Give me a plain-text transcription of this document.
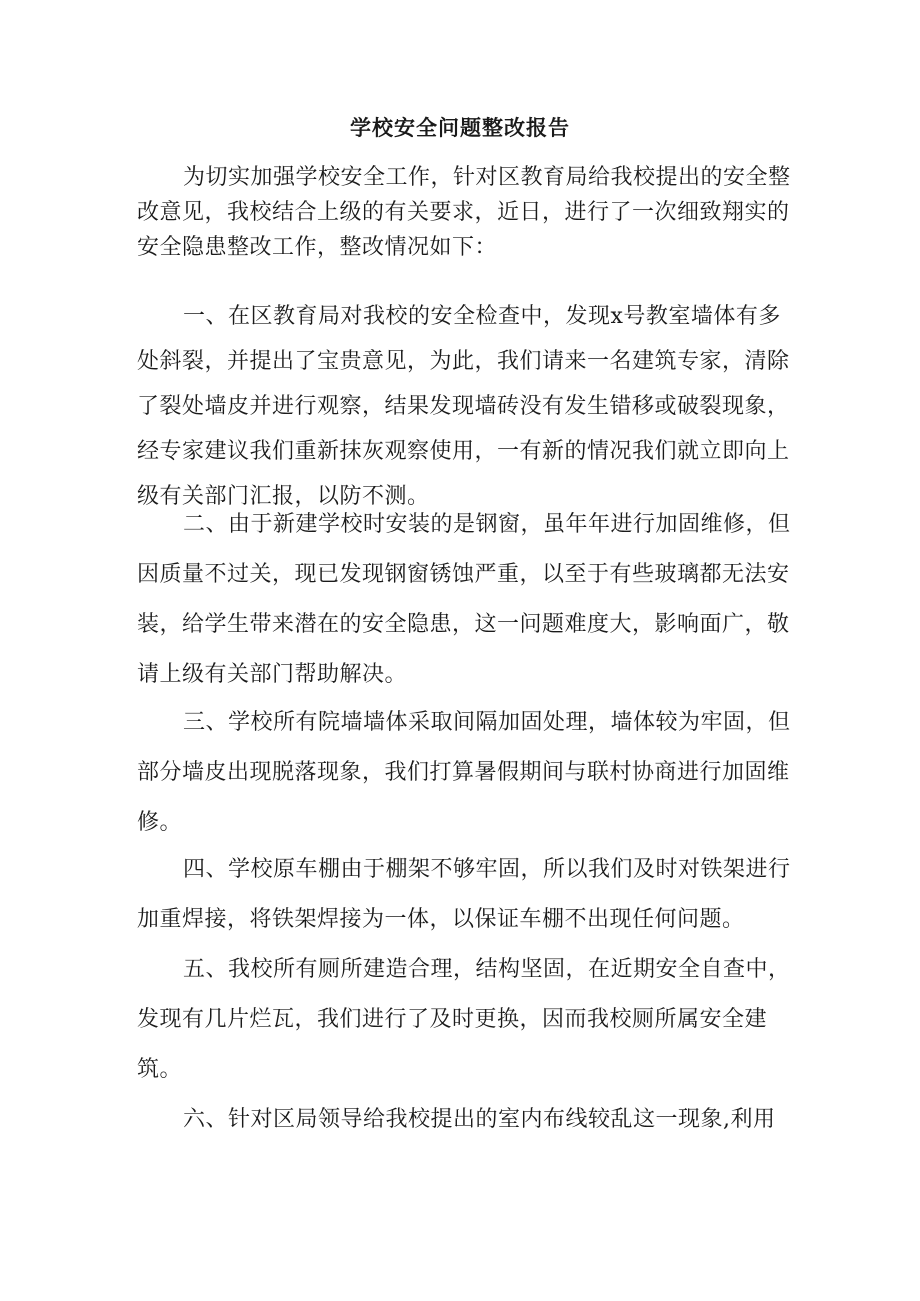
学校安全问题整改报告

为切实加强学校安全工作，针对区教育局给我校提出的安全整改意见，我校结合上级的有关要求，近日，进行了一次细致翔实的安全隐患整改工作，整改情况如下：

一、在区教育局对我校的安全检查中，发现x号教室墙体有多处斜裂，并提出了宝贵意见，为此，我们请来一名建筑专家，清除了裂处墙皮并进行观察，结果发现墙砖没有发生错移或破裂现象，经专家建议我们重新抹灰观察使用，一有新的情况我们就立即向上级有关部门汇报，以防不测。

二、由于新建学校时安装的是钢窗，虽年年进行加固维修，但因质量不过关，现已发现钢窗锈蚀严重，以至于有些玻璃都无法安装，给学生带来潜在的安全隐患，这一问题难度大，影响面广，敬请上级有关部门帮助解决。

三、学校所有院墙墙体采取间隔加固处理，墙体较为牢固，但部分墙皮出现脱落现象，我们打算暑假期间与联村协商进行加固维修。

四、学校原车棚由于棚架不够牢固，所以我们及时对铁架进行加重焊接，将铁架焊接为一体，以保证车棚不出现任何问题。

五、我校所有厕所建造合理，结构坚固，在近期安全自查中，发现有几片烂瓦，我们进行了及时更换，因而我校厕所属安全建筑。

六、针对区局领导给我校提出的室内布线较乱这一现象,利用
